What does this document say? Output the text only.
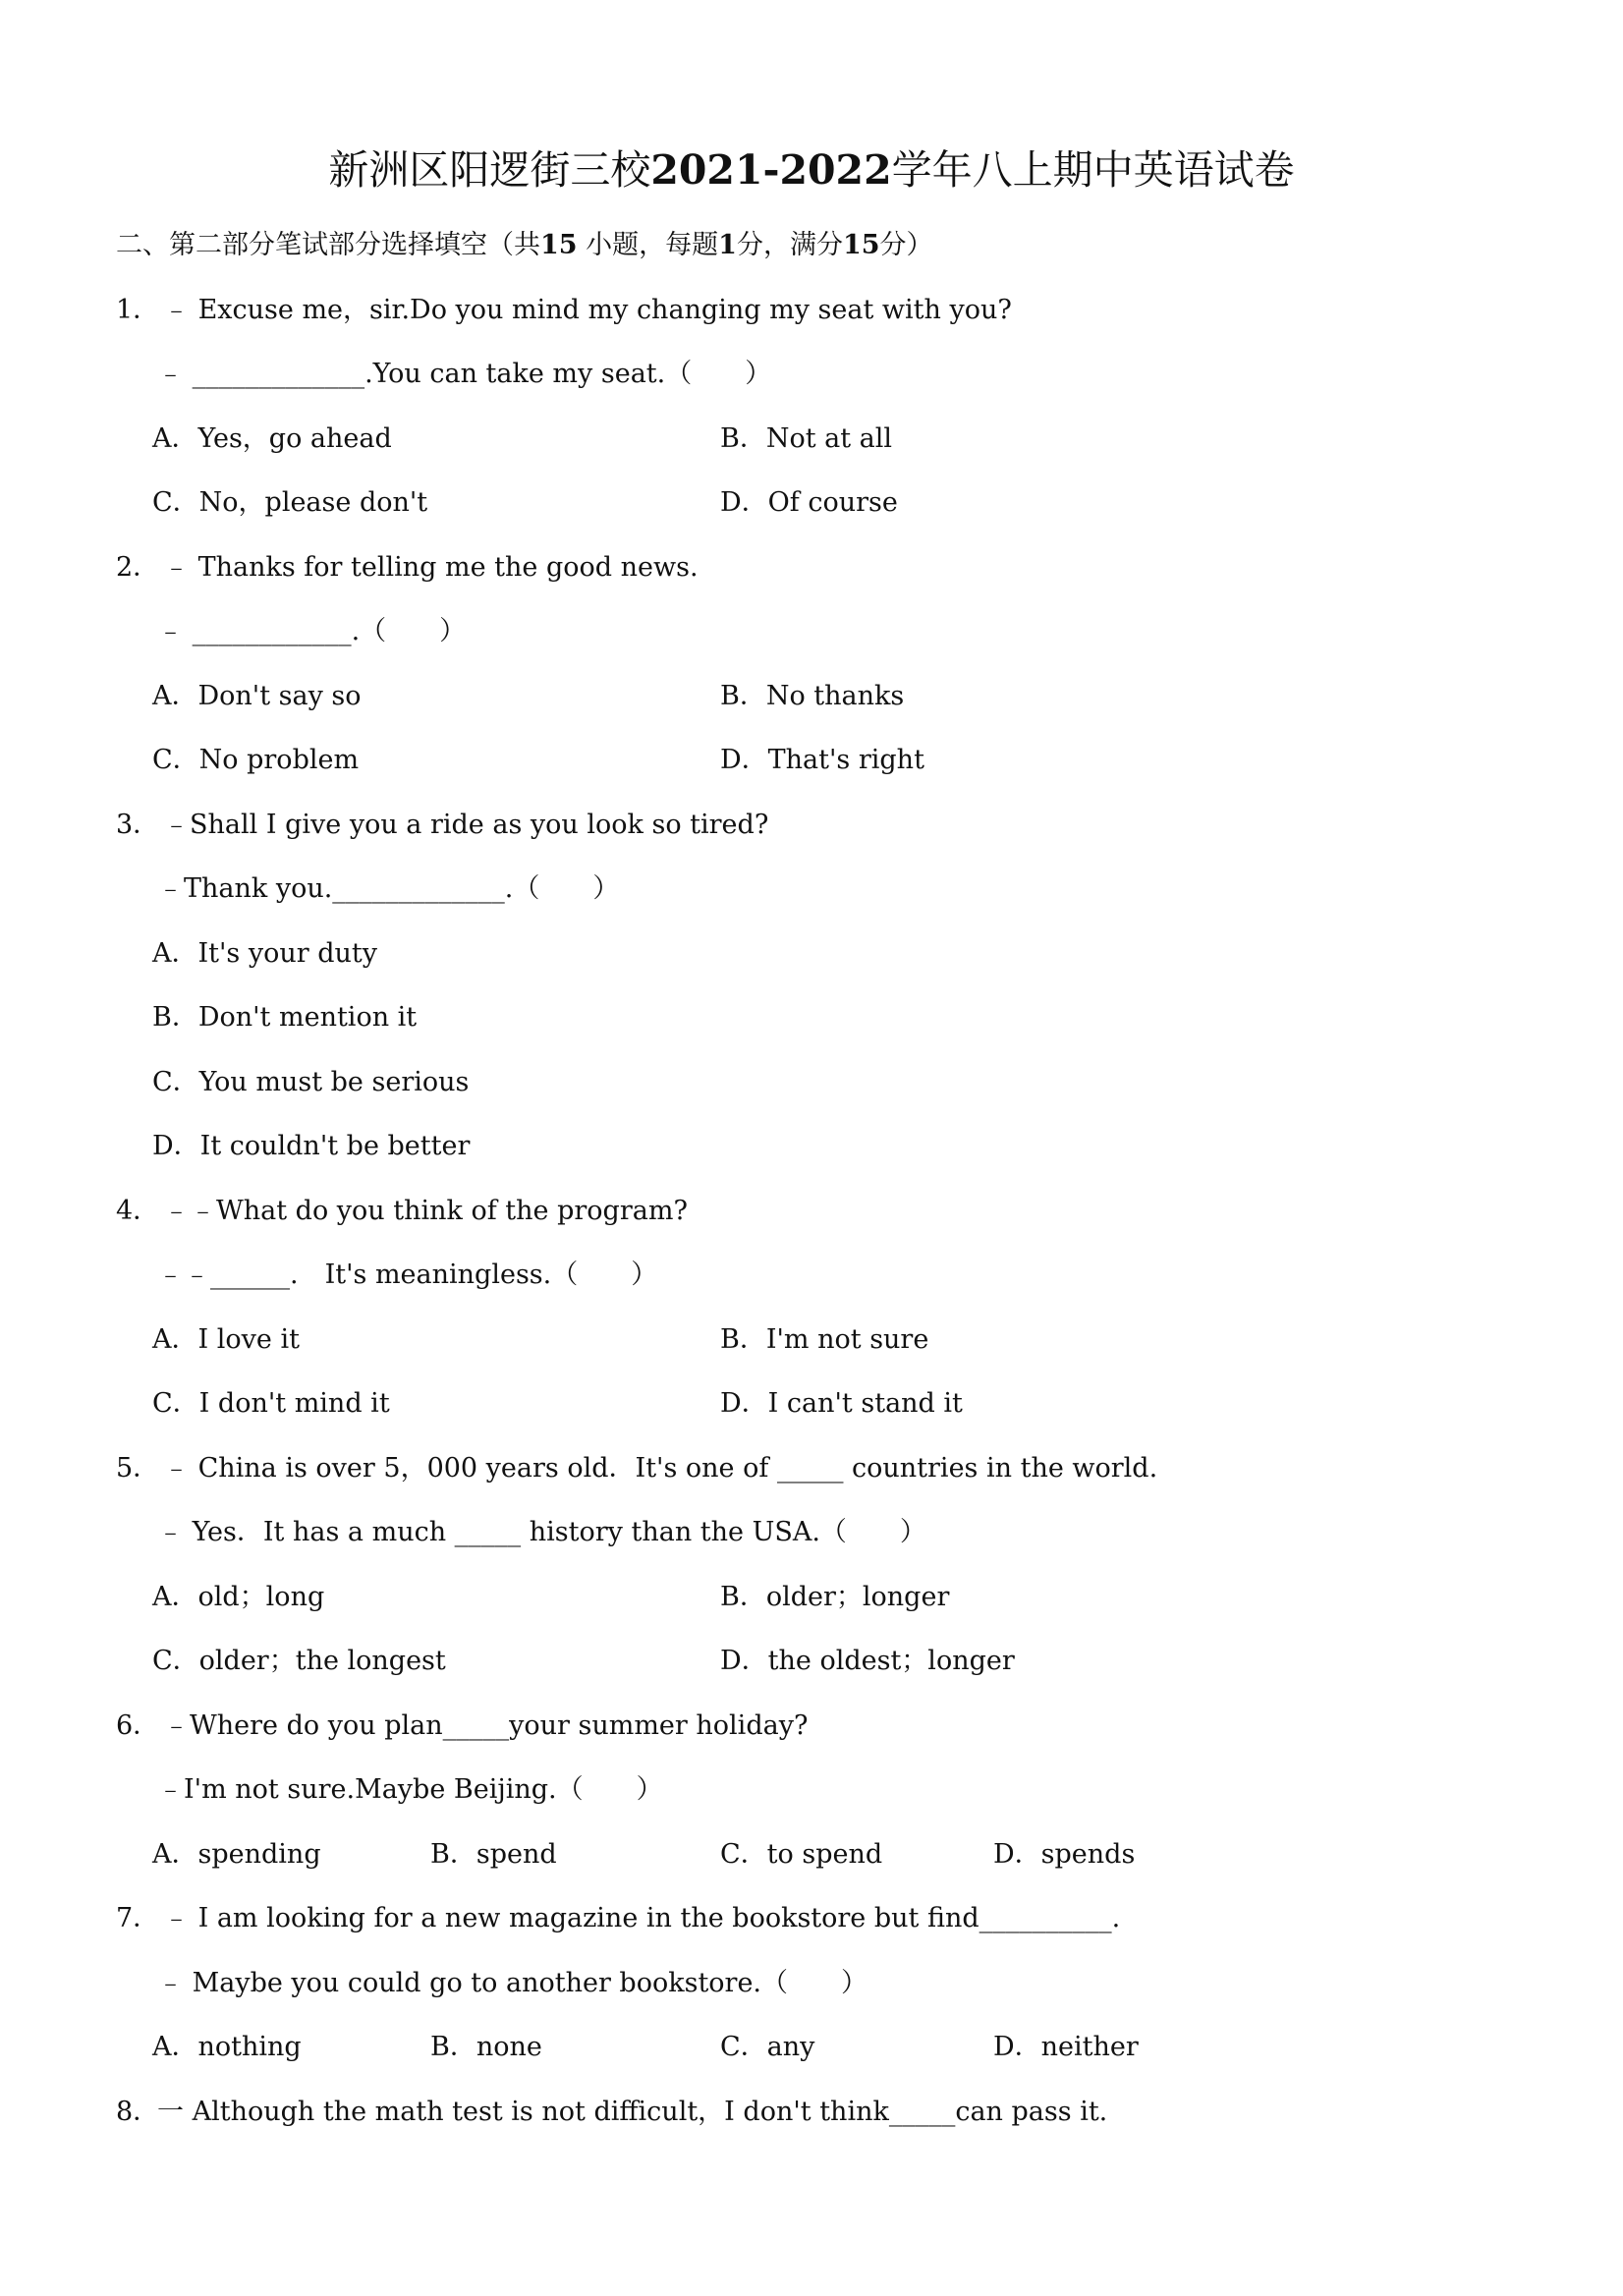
新洲区阳逻街三校2021-2022学年八上期中英语试卷
二、第二部分笔试部分选择填空（共15 小题，每题1分，满分15分）
1． ﹣ Excuse me，sir.Do you mind my changing my seat with you?
﹣ _____________.You can take my seat.（　　）
A．Yes，go ahead	B．Not at all
C．No，please don't	D．Of course
2． ﹣ Thanks for telling me the good news.
﹣ ____________.（　　）
A．Don't say so	B．No thanks
C．No problem	D．That's right
3． ﹣Shall I give you a ride as you look so tired?
﹣Thank you._____________.（　　）
A．It's your duty
B．Don't mention it
C．You must be serious
D．It couldn't be better
4． ﹣﹣What do you think of the program?
﹣﹣______.　It's meaningless.（　　）
A．I love it	B．I'm not sure
C．I don't mind it	D．I can't stand it
5． ﹣ China is over 5，000 years old．It's one of _____ countries in the world.
﹣ Yes．It has a much _____ history than the USA.（　　）
A．old；long	B．older；longer
C．older；the longest	D．the oldest；longer
6． ﹣Where do you plan_____your summer holiday?
﹣I'm not sure.Maybe Beijing.（　　）
A．spending	B．spend	C．to spend	D．spends
7． ﹣ I am looking for a new magazine in the bookstore but find__________.
﹣ Maybe you could go to another bookstore.（　　）
A．nothing	B．none	C．any	D．neither
8．
一 Although the math test is not difficult，I don't think_____can pass it.
